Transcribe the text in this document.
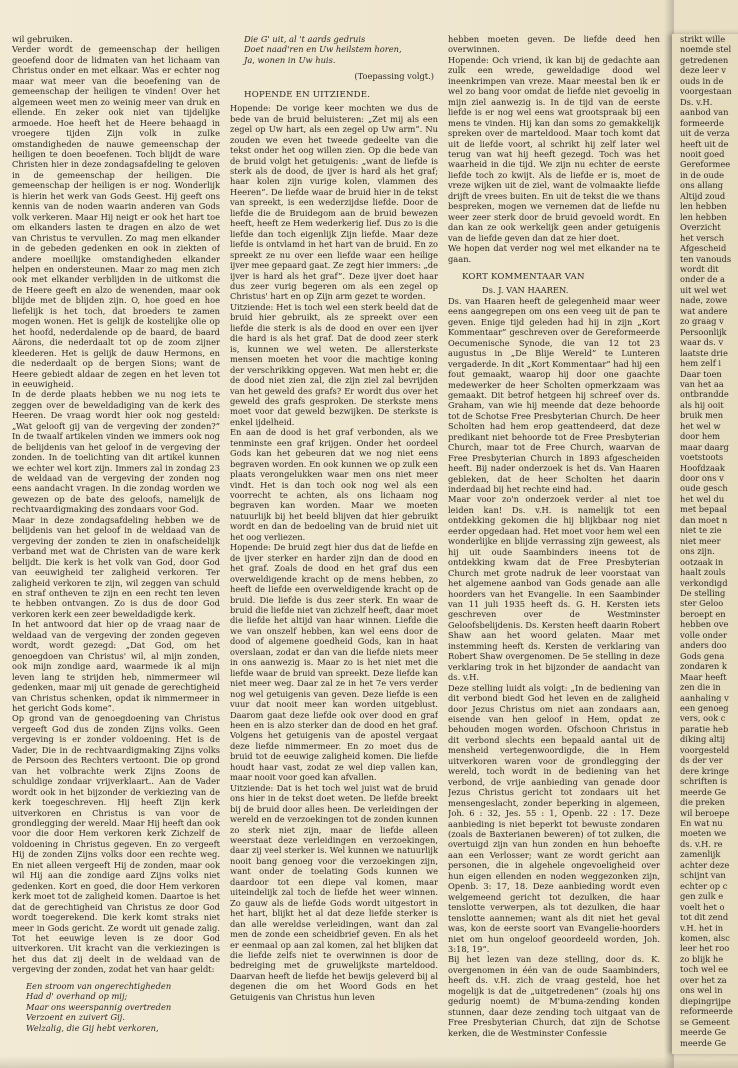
wil gebruiken.

Verder wordt de gemeenschap der heiligen geoefend door de lidmaten van het lichaam van Christus onder en met elkaar. Was er echter nog maar wat meer van die beoefening van de gemeenschap der heiligen te vinden! Over het algemeen weet men zo weinig meer van druk en ellende. En zeker ook niet van tijdelijke armoede. Hoe heeft het de Heere behaagd in vroegere tijden Zijn volk in zulke omstandigheden de nauwe gemeenschap der heiligen te doen beoefenen. Toch blijdt de ware Christen hier in deze zondagsafdeling te geloven in de gemeenschap der heiligen. Die gemeenschap der heiligen is er nog. Wonderlijk is hierin het werk van Gods Geest. Hij geeft ons kennis van de noden waarin anderen van Gods volk verkeren. Maar Hij neigt er ook het hart toe om elkanders lasten te dragen en alzo de wet van Christus te vervullen. Zo mag men elkander in de gebeden gedenken en ook in ziekten of andere moeilijke omstandigheden elkander helpen en ondersteunen. Maar zo mag men zich ook met elkander verblijden in de uitkomst die de Heere geeft en alzo de wenenden, maar ook blijde met de blijden zijn. O, hoe goed en hoe liefelijk is het toch, dat broeders te zamen mogen wonen. Het is gelijk de kostelijke olie op het hoofd, nederdalende op de baard, de baard Aärons, die nederdaalt tot op de zoom zijner kleederen. Het is gelijk de dauw Hermons, en die nederdaalt op de bergen Sions; want de Heere gebiedt aldaar de zegen en het leven tot in eeuwigheid.

In de derde plaats hebben we nu nog iets te zeggen over de beweldadiging van de kerk des Heeren. De vraag wordt hier ook nog gesteld: „Wat gelooft gij van de vergeving der zonden?” In de twaalf artikelen vinden we immers ook nog de belijdenis van het geloof in de vergeving der zonden. In de toelichting van dit artikel kunnen we echter wel kort zijn. Immers zal in zondag 23 de weldaad van de vergeving der zonden nog eens aandacht vragen. In die zondag worden we gewezen op de bate des geloofs, namelijk de rechtvaardigmaking des zondaars voor God.

Maar in deze zondagsafdeling hebben we de belijdenis van het geloof in de weldaad van de vergeving der zonden te zien in onafscheidelijk verband met wat de Christen van de ware kerk belijdt. Die kerk is het volk van God, door God van eeuwigheid ter zaligheid verkoren. Ter zaligheid verkoren te zijn, wil zeggen van schuld en straf ontheven te zijn en een recht ten leven te hebben ontvangen. Zo is dus de door God verkoren kerk een zeer beweldadigde kerk.

In het antwoord dat hier op de vraag naar de weldaad van de vergeving der zonden gegeven wordt, wordt gezegd: „Dat God, om het genoegdoen van Christus' wil, al mijn zonden, ook mijn zondige aard, waarmede ik al mijn leven lang te strijden heb, nimmermeer wil gedenken, maar mij uit genade de gerechtigheid van Christus schenken, opdat ik nimmermeer in het gericht Gods kome”.

Op grond van de genoegdoening van Christus vergeeft God dus de zonden Zijns volks. Geen vergeving is er zonder voldoening. Het is de Vader, Die in de rechtvaardigmaking Zijns volks de Persoon des Rechters vertoont. Die op grond van het volbrachte werk Zijns Zoons de schuldige zondaar vrijverklaart.. Aan de Vader wordt ook in het bijzonder de verkiezing van de kerk toegeschreven. Hij heeft Zijn kerk uitverkoren en Christus is van voor de grondlegging der wereld. Maar Hij heeft dan ook voor die door Hem verkoren kerk Zichzelf de voldoening in Christus gegeven. En zo vergeeft Hij de zonden Zijns volks door een rechte weg. En niet alleen vergeeft Hij de zonden, maar ook wil Hij aan die zondige aard Zijns volks niet gedenken. Kort en goed, die door Hem verkoren kerk moet tot de zaligheid komen. Daartoe is het dat de gerechtigheid van Christus ze door God wordt toegerekend. Die kerk komt straks niet meer in Gods gericht. Ze wordt uit genade zalig. Tot het eeuwige leven is ze door God uitverkoren. Uit kracht van die verkiezingen is het dus dat zij deelt in de weldaad van de vergeving der zonden, zodat het van haar geldt:

Een stroom van ongerechtigheden

Had d' overhand op mij;

Maar ons weerspannig overtreden

Verzoent en zuivert Gij.

Welzalig, die Gij hebt verkoren,

Die G' uit, al 't aards gedruis

Doet naad'ren en Uw heilstem horen,

Ja, wonen in Uw huis.

(Toepassing volgt.)

HOPENDE EN UITZIENDE.

Hopende: De vorige keer mochten we dus de bede van de bruid beluisteren: „Zet mij als een zegel op Uw hart, als een zegel op Uw arm”. Nu zouden we even het tweede gedeelte van die tekst onder het oog willen zien. Op die bede van de bruid volgt het getuigenis: „want de liefde is sterk als de dood, de ijver is hard als het graf; haar kolen zijn vurige kolen, vlammen des Heeren”. De liefde waar de bruid hier in de tekst van spreekt, is een wederzijdse liefde. Door de liefde die de Bruidegom aan de bruid bewezen heeft, heeft ze Hem wederkerig lief. Dus zo is die liefde dan toch eigenlijk Zijn liefde. Maar deze liefde is ontvlamd in het hart van de bruid. En zo spreekt ze nu over een liefde waar een heilige ijver mee gepaard gaat. Ze zegt hier immers: „de ijver is hard als het graf”. Deze ijver doet haar dus zeer vurig begeren om als een zegel op Christus' hart en op Zijn arm gezet te worden.

Uitziende: Het is toch wel een sterk beeld dat de bruid hier gebruikt, als ze spreekt over een liefde die sterk is als de dood en over een ijver die hard is als het graf. Dat de dood zeer sterk is, kunnen we wel weten. De allersterkste mensen moeten het voor die machtige koning der verschrikking opgeven. Wat men hebt er, die de dood niet zien zal, die zijn ziel zal bevrijden van het geweld des grafs? Er wordt dus over het geweld des grafs gesproken. De sterkste mens moet voor dat geweld bezwijken. De sterkste is enkel ijdelheid.

En aan de dood is het graf verbonden, als we tenminste een graf krijgen. Onder het oordeel Gods kan het gebeuren dat we nog niet eens begraven worden. En ook kunnen we op zulk een plaats verongelukken waar men ons niet meer vindt. Het is dan toch ook nog wel als een voorrecht te achten, als ons lichaam nog begraven kan worden. Maar we moeten natuurlijk bij het beeld blijven dat hier gebruikt wordt en dan de bedoeling van de bruid niet uit het oog verliezen.

Hopende: De bruid zegt hier dus dat de liefde en de ijver sterker en harder zijn dan de dood en het graf. Zoals de dood en het graf dus een overweldigende kracht op de mens hebben, zo heeft de liefde een overweldigende kracht op de bruid. Die liefde is dus zeer sterk. En waar de bruid die liefde niet van zichzelf heeft, daar moet die liefde het altijd van haar winnen. Liefde die we van onszelf hebben, kan wel eens door de dood of algemene goedheid Gods, kan in haat overslaan, zodat er dan van die liefde niets meer in ons aanwezig is. Maar zo is het niet met die liefde waar de bruid van spreekt. Deze liefde kan niet meer weg. Daar zal ze in het 7e vers verder nog wel getuigenis van geven. Deze liefde is een vuur dat nooit meer kan worden uitgeblust. Daarom gaat deze liefde ook over dood en graf heen en is alzo sterker dan de dood en het graf. Volgens het getuigenis van de apostel vergaat deze liefde nimmermeer. En zo moet dus de bruid tot de eeuwige zaligheid komen. Die liefde houdt haar vast, zodat ze wel diep vallen kan, maar nooit voor goed kan afvallen.

Uitziende: Dat is het toch wel juist wat de bruid ons hier in de tekst doet weten. De liefde breekt bij de bruid door alles heen. De verleidingen der wereld en de verzoekingen tot de zonden kunnen zo sterk niet zijn, maar de liefde alleen weerstaat deze verleidingen en verzoekingen, daar zij veel sterker is. Wel kunnen we natuurlijk nooit bang genoeg voor die verzoekingen zijn, want onder de toelating Gods kunnen we daardoor tot een diepe val komen, maar uiteindelijk zal toch de liefde het weer winnen. Zo gauw als de liefde Gods wordt uitgestort in het hart, blijkt het al dat deze liefde sterker is dan alle wereldse verleidingen, want dan zal men de zonde een scheidbrief geven. En als het er eenmaal op aan zal komen, zal het blijken dat die liefde zelfs niet te overwinnen is door de bedreiging met de gruwelijkste marteldood. Daarvan heeft de liefde het bewijs geleverd bij al degenen die om het Woord Gods en het Getuigenis van Christus hun leven

hebben moeten geven. De liefde deed hen overwinnen.

Hopende: Och vriend, ik kan bij de gedachte aan zulk een wrede, geweldadige dood wel ineenkrimpen van vreze. Maar meestal ben ik er wel zo bang voor omdat de liefde niet gevoelig in mijn ziel aanwezig is. In de tijd van de eerste liefde is er nog wel eens wat grootspraak bij een mens te vinden. Hij kan dan soms zo gemakkelijk spreken over de marteldood. Maar toch komt dat uit de liefde voort, al schrikt hij zelf later wel terug van wat hij heeft gezegd. Toch was het waarheid in die tijd. We zijn nu echter de eerste liefde toch zo kwijt. Als de liefde er is, moet de vreze wijken uit de ziel, want de volmaakte liefde drijft de vrees buiten. En uit de tekst die we thans bespreken, mogen we vernemen dat de liefde nu weer zeer sterk door de bruid gevoeld wordt. En dan kan ze ook werkelijk geen ander getuigenis van de liefde geven dan dat ze hier doet.

We hopen dat verder nog wel met elkander na te gaan.

KORT KOMMENTAAR VAN

Ds. J. VAN HAAREN.

Ds. van Haaren heeft de gelegenheid maar weer eens aangegrepen om ons een veeg uit de pan te geven. Enige tijd geleden had hij in zijn „Kort Kommentaar” geschreven over de Gereformeerde Oecumenische Synode, die van 12 tot 23 augustus in „De Blije Wereld” te Lunteren vergaderde. In dit „Kort Kommentaar” had hij een fout gemaakt, waarop hij door one gaachte medewerker de heer Scholten opmerkzaam was gemaakt. Dit betrof hetgeen hij schreef over ds. Graham, van wie hij meende dat deze behoorde tot de Schotse Free Presbyterian Church. De heer Scholten had hem erop geattendeerd, dat deze predikant niet behoorde tot de Free Presbyterian Church, maar tot de Free Church, waarvan de Free Presbyterian Church in 1893 afgescheiden heeft. Bij nader onderzoek is het ds. Van Haaren gebleken, dat de heer Scholten het daarin inderdaad bij het rechte eind had.

Maar voor zo'n onderzoek verder al niet toe leiden kan! Ds. v.H. is namelijk tot een ontdekking gekomen die hij blijkbaar nog niet eerder opgedaan had. Het moet voor hem wel een wonderlijke en blijde verrassing zijn geweest, als hij uit oude Saambinders ineens tot de ontdekking kwam dat de Free Presbyterian Church met grote nadruk de leer voorstaat van het algemene aanbod van Gods genade aan alle hoorders van het Evangelie. In een Saambinder van 11 juli 1935 heeft ds. G. H. Kersten iets geschreven over de Westminster Geloofsbelijdenis. Ds. Kersten heeft daarin Robert Shaw aan het woord gelaten. Maar met instemming heeft ds. Kersten de verklaring van Robert Shaw overgenomen. De 5e stelling in deze verklaring trok in het bijzonder de aandacht van ds. v.H.

Deze stelling luidt als volgt: „In de bediening van dit verbond biedt God het leven en de zaligheid door Jezus Christus om niet aan zondaars aan, eisende van hen geloof in Hem, opdat ze behouden mogen worden. Ofschoon Christus in dit verbond slechts een bepaald aantal uit de mensheid vertegenwoordigde, die in Hem uitverkoren waren voor de grondlegging der wereld, toch wordt in de bediening van het verbond, de vrije aanbieding van genade door Jezus Christus gericht tot zondaars uit het mensengeslacht, zonder beperking in algemeen, Joh. 6 : 32, Jes. 55 : 1, Openb. 22 : 17. Deze aanbieding is niet beperkt tot bewuste zondaren (zoals de Baxterianen beweren) of tot zulken, die overtuigd zijn van hun zonden en hun behoefte aan een Verlosser; want ze wordt gericht aan personen, die in algehele ongevoeligheid over hun eigen ellenden en noden weggezonken zijn, Openb. 3: 17, 18. Deze aanbieding wordt even welgemeend gericht tot dezulken, die haar tenslotte verwerpen, als tot dezulken, die haar tenslotte aannemen; want als dit niet het geval was, kon de eerste soort van Evangelie-hoorders niet om hun ongeloof geoordeeld worden, Joh. 3:18, 19”.

Bij het lezen van deze stelling, door ds. K. overgenomen in één van de oude Saambinders, heeft ds. v.H. zich de vraag gesteld, hoe het mogelijk is dat de „uitgetredenen” (zoals hij ons gedurig noemt) de M'buma-zending konden stunnen, daar deze zending toch uitgaat van de Free Presbyterian Church, dat zijn de Schotse kerken, die de Westminster Confessie

strikt wille

noemde stel

getredenen

deze leer v

ouds in de

voorgestaan

Ds. v.H.

aanbod van

formeerde

uit de verza

heeft uit de

nooit goed

Gereformee

in de oude

ons allang

Altijd zoud

len hebben

len hebben

Overzicht

het versch

Afgescheid

ten vanouds

wordt dit

onder de a

uit wel wet

nade, zowe

wat andere

zo graag v

Persoonlijk

waar ds. v

laatste drie

hem zelf i

Daar toen

van het aa

ontbrandde

als hij ooit

bruik men

het wel w

door hem

maar daarg

voetstoots

Hoofdzaak

door ons v

oude gesch

het wel du

met bepaal

dan moet n

niet te zie

niet meer

ons zijn.

ootzaak in

haalt zouls

verkondigd

De stelling

ster Geloo

beroept en

hebben ove

volle onder

anders doo

Gods gena

zondaren k

Maar heeft

zen die in

aanhaling v

een genoeg

vers, ook c

paratie heb

diking altij

voorgesteld

ds der ver

dere kringe

schriften is

meerde Ge

die preken

wil beroepe

En wat nu

moeten we

ds. v.H. re

zamenlijk

achter deze

schijnt van

echter op c

gen zulk e

voelt het o

tot dit zend

v.H. het in

komen, alsc

leer het roo

zo blijk he

toch wel ee

over het za

ons wel in

diepingrijpe

reformeerde

se Gemeent

meerde Ge

meerde Ge
